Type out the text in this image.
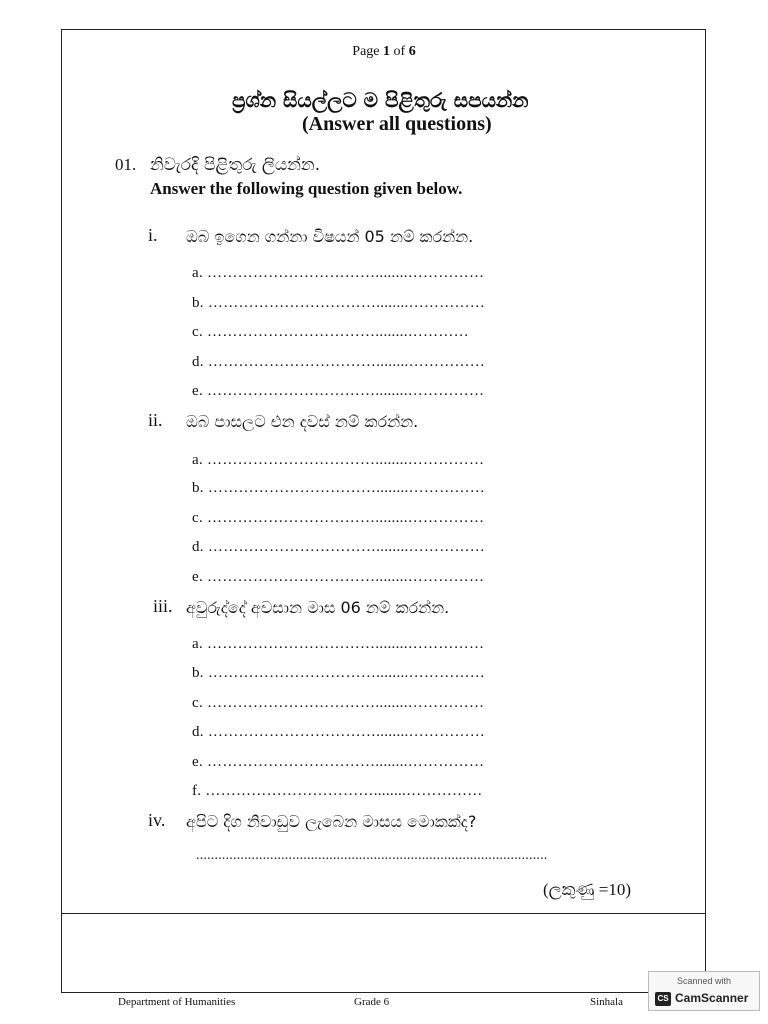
Page 1 of 6
ප්‍රශ්න සියල්ලට ම පිළිතුරු සපයන්න
(Answer all questions)
01. නිවැරදි පිළිතුරු ලියන්න.
Answer the following question given below.
i. ඔබ ඉගෙන ගන්නා විෂයන් 05 නම් කරන්න.
a. ……………………………........……………
b. ……………………………........……………
c. ……………………………........…………
d. ……………………………........……………
e. ……………………………........……………
ii. ඔබ පාසලට එන දවස් නම් කරන්න.
a. ……………………………........……………
b. ……………………………........……………
c. ……………………………........……………
d. ……………………………........……………
e. ……………………………........……………
iii. අවුරුද්දේ අවසාන මාස 06 නම් කරන්න.
a. ……………………………........……………
b. ……………………………........……………
c. ……………………………........……………
d. ……………………………........……………
e. ……………………………........……………
f. ……………………………........……………
iv. අපිට දිග නිවාඩුව ලැබෙන මාසය මොකක්ද?
...............................................................................................
(ලකුණු =10)
Department of Humanities	Grade 6	Sinhala
Scanned with
CS CamScanner
